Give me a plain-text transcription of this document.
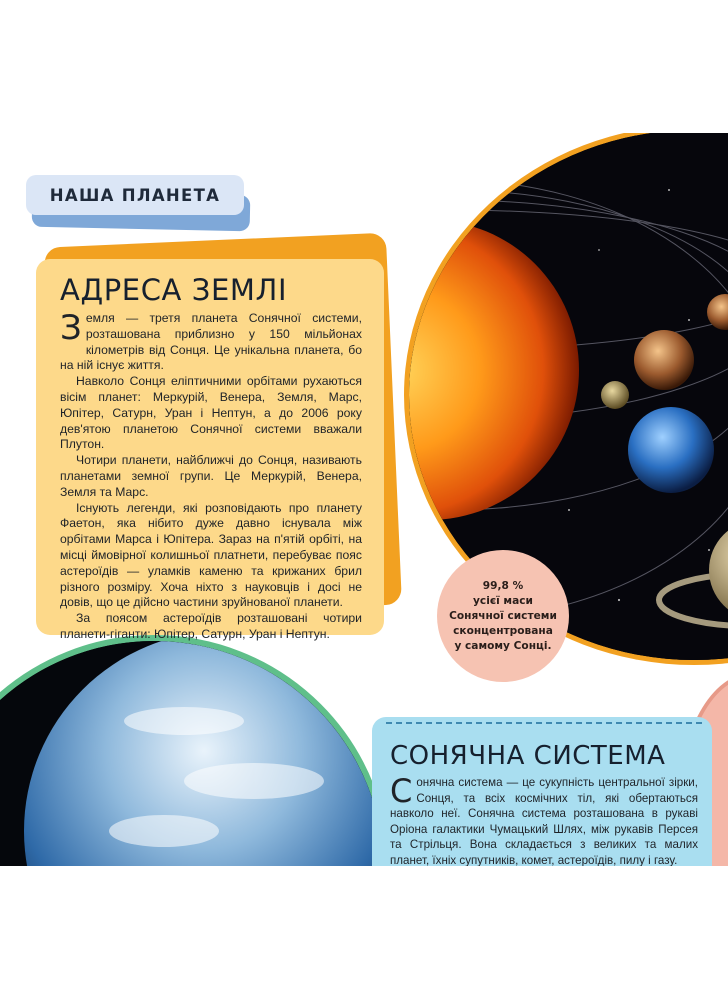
НАША ПЛАНЕТА
99,8 %
усієї маси
Сонячної системи
сконцентрована
у самому Сонці.
АДРЕСА ЗЕМЛІ

Земля — третя планета Сонячної системи, розташована приблизно у 150 мільйонах кілометрів від Сонця. Це унікальна планета, бо на ній існує життя.

Навколо Сонця еліптичними орбітами рухаються вісім планет: Меркурій, Венера, Земля, Марс, Юпітер, Сатурн, Уран і Нептун, а до 2006 року дев'ятою планетою Сонячної системи вважали Плутон.

Чотири планети, найближчі до Сонця, називають планетами земної групи. Це Меркурій, Венера, Земля та Марс.

Існують легенди, які розповідають про планету Фаетон, яка нібито дуже давно існувала між орбітами Марса і Юпітера. Зараз на п'ятій орбіті, на місці ймовірної колишньої платнети, перебуває пояс астероїдів — уламків каменю та крижаних брил різного розміру. Хоча ніхто з науковців і досі не довів, що це дійсно частини зруйнованої планети.

За поясом астероїдів розташовані чотири планети-гіганти: Юпітер, Сатурн, Уран і Нептун.

СОНЯЧНА СИСТЕМА

Сонячна система — це сукупність центральної зірки, Сонця, та всіх космічних тіл, які обертаються навколо неї. Сонячна система розташована в рукаві Оріона галактики Чумацький Шлях, між рукавів Персея та Стрільця. Вона складається з великих та малих планет, їхніх супутників, комет, астероїдів, пилу і газу.
